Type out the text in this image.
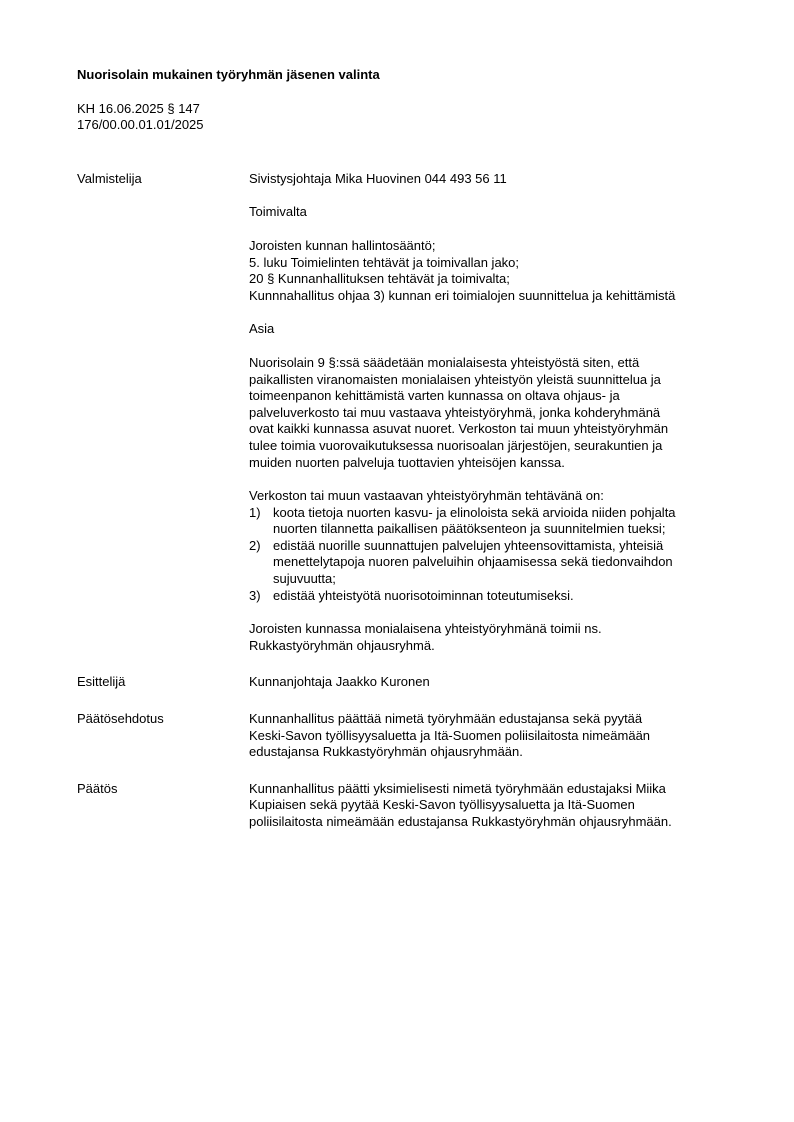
Nuorisolain mukainen työryhmän jäsenen valinta

KH 16.06.2025 § 147
176/00.00.01.01/2025
Valmistelija	Sivistysjohtaja Mika Huovinen 044 493 56 11

Toimivalta

Joroisten kunnan hallintosääntö;

5. luku Toimielinten tehtävät ja toimivallan jako;

20 § Kunnanhallituksen tehtävät ja toimivalta;

Kunnnahallitus ohjaa 3) kunnan eri toimialojen suunnittelua ja kehittämistä

Asia

Nuorisolain 9 §:ssä säädetään monialaisesta yhteistyöstä siten, että

paikallisten viranomaisten monialaisen yhteistyön yleistä suunnittelua ja

toimeenpanon kehittämistä varten kunnassa on oltava ohjaus- ja

palveluverkosto tai muu vastaava yhteistyöryhmä, jonka kohderyhmänä

ovat kaikki kunnassa asuvat nuoret. Verkoston tai muun yhteistyöryhmän

tulee toimia vuorovaikutuksessa nuorisoalan järjestöjen, seurakuntien ja

muiden nuorten palveluja tuottavien yhteisöjen kanssa.

Verkoston tai muun vastaavan yhteistyöryhmän tehtävänä on:

1) koota tietoja nuorten kasvu- ja elinoloista sekä arvioida niiden pohjalta
nuorten tilannetta paikallisen päätöksenteon ja suunnitelmien tueksi;
2) edistää nuorille suunnattujen palvelujen yhteensovittamista, yhteisiä
menettelytapoja nuoren palveluihin ohjaamisessa sekä tiedonvaihdon
sujuvuutta;
3) edistää yhteistyötä nuorisotoiminnan toteutumiseksi.

Joroisten kunnassa monialaisena yhteistyöryhmänä toimii ns.

Rukkastyöryhmän ohjausryhmä.

Esittelijä	Kunnanjohtaja Jaakko Kuronen

Päätösehdotus	Kunnanhallitus päättää nimetä työryhmään edustajansa sekä pyytää

Keski-Savon työllisyysaluetta ja Itä-Suomen poliisilaitosta nimeämään

edustajansa Rukkastyöryhmän ohjausryhmään.

Päätös	Kunnanhallitus päätti yksimielisesti nimetä työryhmään edustajaksi Miika

Kupiaisen sekä pyytää Keski-Savon työllisyysaluetta ja Itä-Suomen

poliisilaitosta nimeämään edustajansa Rukkastyöryhmän ohjausryhmään.
